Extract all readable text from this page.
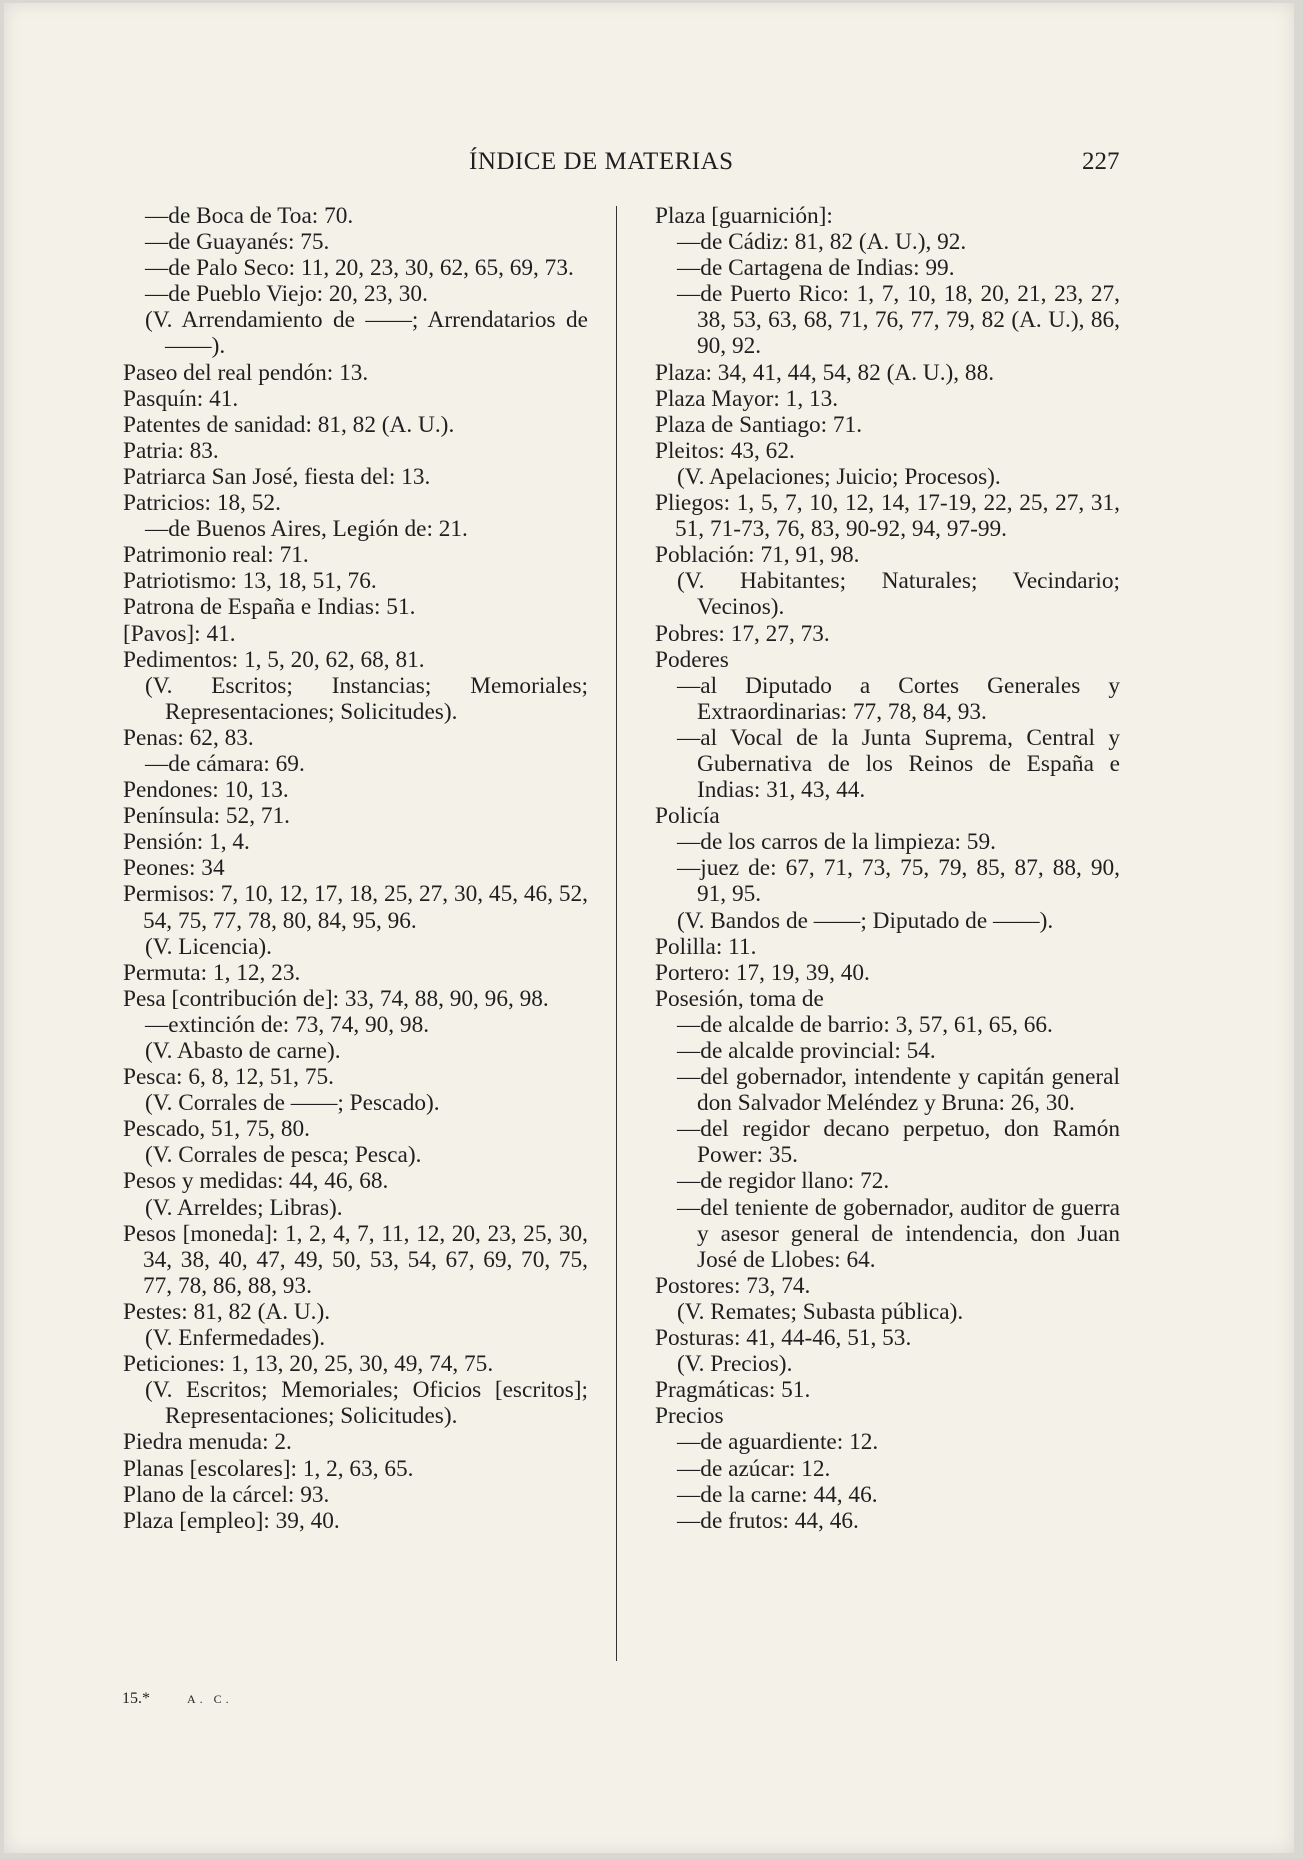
ÍNDICE DE MATERIAS	227
—de Boca de Toa: 70.
—de Guayanés: 75.
—de Palo Seco: 11, 20, 23, 30, 62, 65, 69, 73.
—de Pueblo Viejo: 20, 23, 30.
(V. Arrendamiento de ——; Arrendatarios de ——).
Paseo del real pendón: 13.
Pasquín: 41.
Patentes de sanidad: 81, 82 (A. U.).
Patria: 83.
Patriarca San José, fiesta del: 13.
Patricios: 18, 52.
—de Buenos Aires, Legión de: 21.
Patrimonio real: 71.
Patriotismo: 13, 18, 51, 76.
Patrona de España e Indias: 51.
[Pavos]: 41.
Pedimentos: 1, 5, 20, 62, 68, 81.
(V. Escritos; Instancias; Memoriales; Representaciones; Solicitudes).
Penas: 62, 83.
—de cámara: 69.
Pendones: 10, 13.
Península: 52, 71.
Pensión: 1, 4.
Peones: 34
Permisos: 7, 10, 12, 17, 18, 25, 27, 30, 45, 46, 52, 54, 75, 77, 78, 80, 84, 95, 96.
(V. Licencia).
Permuta: 1, 12, 23.
Pesa [contribución de]: 33, 74, 88, 90, 96, 98.
—extinción de: 73, 74, 90, 98.
(V. Abasto de carne).
Pesca: 6, 8, 12, 51, 75.
(V. Corrales de ——; Pescado).
Pescado, 51, 75, 80.
(V. Corrales de pesca; Pesca).
Pesos y medidas: 44, 46, 68.
(V. Arreldes; Libras).
Pesos [moneda]: 1, 2, 4, 7, 11, 12, 20, 23, 25, 30, 34, 38, 40, 47, 49, 50, 53, 54, 67, 69, 70, 75, 77, 78, 86, 88, 93.
Pestes: 81, 82 (A. U.).
(V. Enfermedades).
Peticiones: 1, 13, 20, 25, 30, 49, 74, 75.
(V. Escritos; Memoriales; Oficios [escritos]; Representaciones; Solicitudes).
Piedra menuda: 2.
Planas [escolares]: 1, 2, 63, 65.
Plano de la cárcel: 93.
Plaza [empleo]: 39, 40.
Plaza [guarnición]:
—de Cádiz: 81, 82 (A. U.), 92.
—de Cartagena de Indias: 99.
—de Puerto Rico: 1, 7, 10, 18, 20, 21, 23, 27, 38, 53, 63, 68, 71, 76, 77, 79, 82 (A. U.), 86, 90, 92.
Plaza: 34, 41, 44, 54, 82 (A. U.), 88.
Plaza Mayor: 1, 13.
Plaza de Santiago: 71.
Pleitos: 43, 62.
(V. Apelaciones; Juicio; Procesos).
Pliegos: 1, 5, 7, 10, 12, 14, 17-19, 22, 25, 27, 31, 51, 71-73, 76, 83, 90-92, 94, 97-99.
Población: 71, 91, 98.
(V. Habitantes; Naturales; Vecindario; Vecinos).
Pobres: 17, 27, 73.
Poderes
—al Diputado a Cortes Generales y Extraordinarias: 77, 78, 84, 93.
—al Vocal de la Junta Suprema, Central y Gubernativa de los Reinos de España e Indias: 31, 43, 44.
Policía
—de los carros de la limpieza: 59.
—juez de: 67, 71, 73, 75, 79, 85, 87, 88, 90, 91, 95.
(V. Bandos de ——; Diputado de ——).
Polilla: 11.
Portero: 17, 19, 39, 40.
Posesión, toma de
—de alcalde de barrio: 3, 57, 61, 65, 66.
—de alcalde provincial: 54.
—del gobernador, intendente y capitán general don Salvador Meléndez y Bruna: 26, 30.
—del regidor decano perpetuo, don Ramón Power: 35.
—de regidor llano: 72.
—del teniente de gobernador, auditor de guerra y asesor general de intendencia, don Juan José de Llobes: 64.
Postores: 73, 74.
(V. Remates; Subasta pública).
Posturas: 41, 44-46, 51, 53.
(V. Precios).
Pragmáticas: 51.
Precios
—de aguardiente: 12.
—de azúcar: 12.
—de la carne: 44, 46.
—de frutos: 44, 46.
15.*	A. C.
